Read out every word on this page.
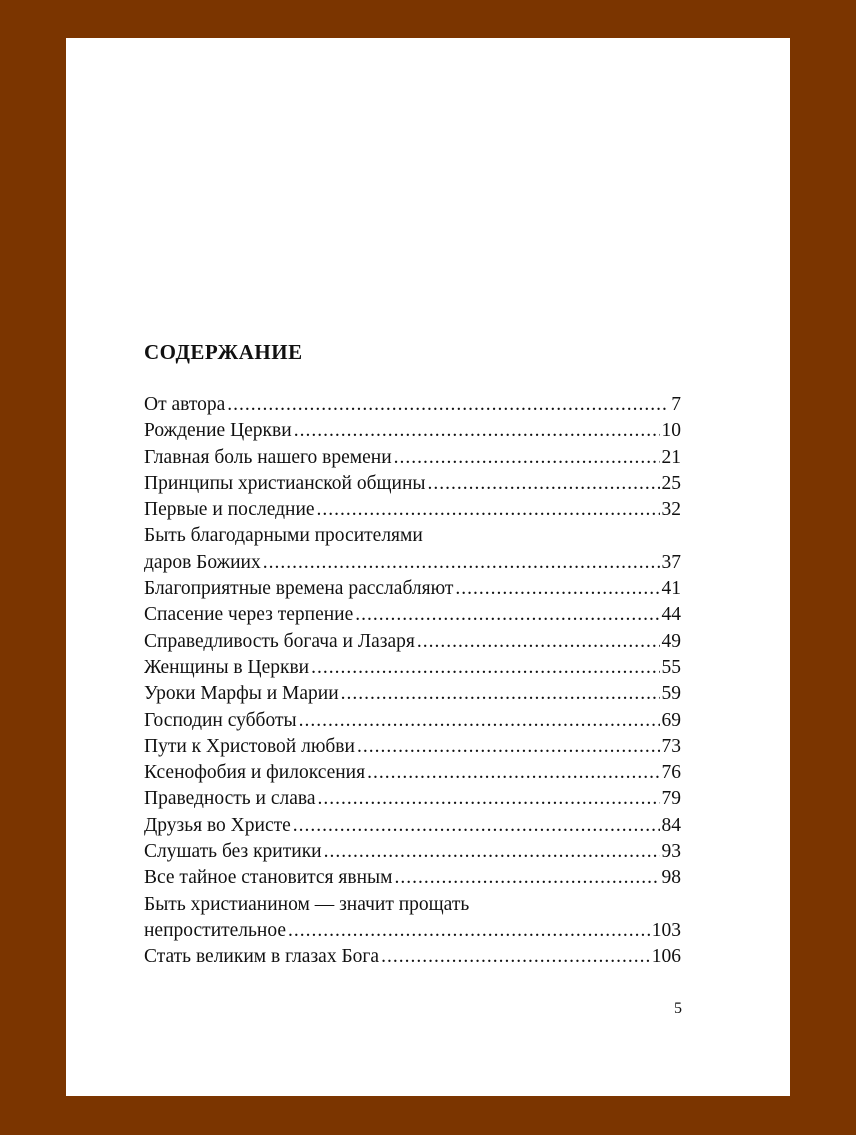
СОДЕРЖАНИЕ
От автора .....	7
Рождение Церкви .....	10
Главная боль нашего времени .....	21
Принципы христианской общины .....	25
Первые и последние .....	32
Быть благодарными просителями
даров Божиих .....	37
Благоприятные времена расслабляют .....	41
Спасение через терпение .....	44
Справедливость богача и Лазаря .....	49
Женщины в Церкви .....	55
Уроки Марфы и Марии .....	59
Господин субботы .....	69
Пути к Христовой любви .....	73
Ксенофобия и филоксения .....	76
Праведность и слава .....	79
Друзья во Христе .....	84
Слушать без критики .....	93
Все тайное становится явным .....	98
Быть христианином — значит прощать
непростительное .....	103
Стать великим в глазах Бога .....	106
5
